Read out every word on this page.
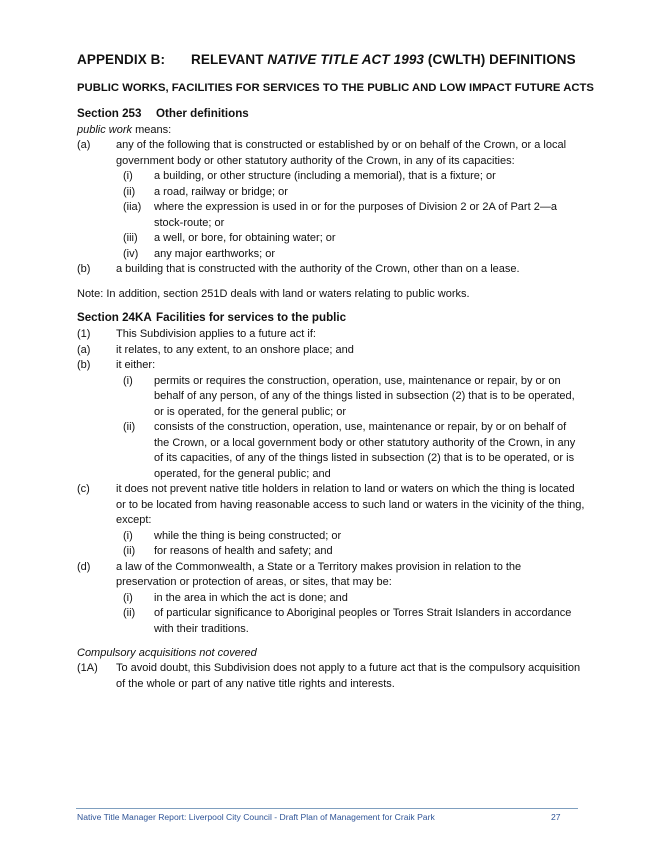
APPENDIX B: RELEVANT NATIVE TITLE ACT 1993 (CWLTH) DEFINITIONS
PUBLIC WORKS, FACILITIES FOR SERVICES TO THE PUBLIC AND LOW IMPACT FUTURE ACTS
Section 253 Other definitions
public work means:
(a) any of the following that is constructed or established by or on behalf of the Crown, or a local
government body or other statutory authority of the Crown, in any of its capacities:
(i) a building, or other structure (including a memorial), that is a fixture; or
(ii) a road, railway or bridge; or
(iia) where the expression is used in or for the purposes of Division 2 or 2A of Part 2—a
stock-route; or
(iii) a well, or bore, for obtaining water; or
(iv) any major earthworks; or
(b) a building that is constructed with the authority of the Crown, other than on a lease.
Note: In addition, section 251D deals with land or waters relating to public works.
Section 24KA Facilities for services to the public
(1) This Subdivision applies to a future act if:
(a) it relates, to any extent, to an onshore place; and
(b) it either:
(i) permits or requires the construction, operation, use, maintenance or repair, by or on
behalf of any person, of any of the things listed in subsection (2) that is to be operated,
or is operated, for the general public; or
(ii) consists of the construction, operation, use, maintenance or repair, by or on behalf of
the Crown, or a local government body or other statutory authority of the Crown, in any
of its capacities, of any of the things listed in subsection (2) that is to be operated, or is
operated, for the general public; and
(c) it does not prevent native title holders in relation to land or waters on which the thing is located
or to be located from having reasonable access to such land or waters in the vicinity of the thing,
except:
(i) while the thing is being constructed; or
(ii) for reasons of health and safety; and
(d) a law of the Commonwealth, a State or a Territory makes provision in relation to the
preservation or protection of areas, or sites, that may be:
(i) in the area in which the act is done; and
(ii) of particular significance to Aboriginal peoples or Torres Strait Islanders in accordance
with their traditions.
Compulsory acquisitions not covered
(1A) To avoid doubt, this Subdivision does not apply to a future act that is the compulsory acquisition
of the whole or part of any native title rights and interests.
Native Title Manager Report: Liverpool City Council - Draft Plan of Management for Craik Park	27
